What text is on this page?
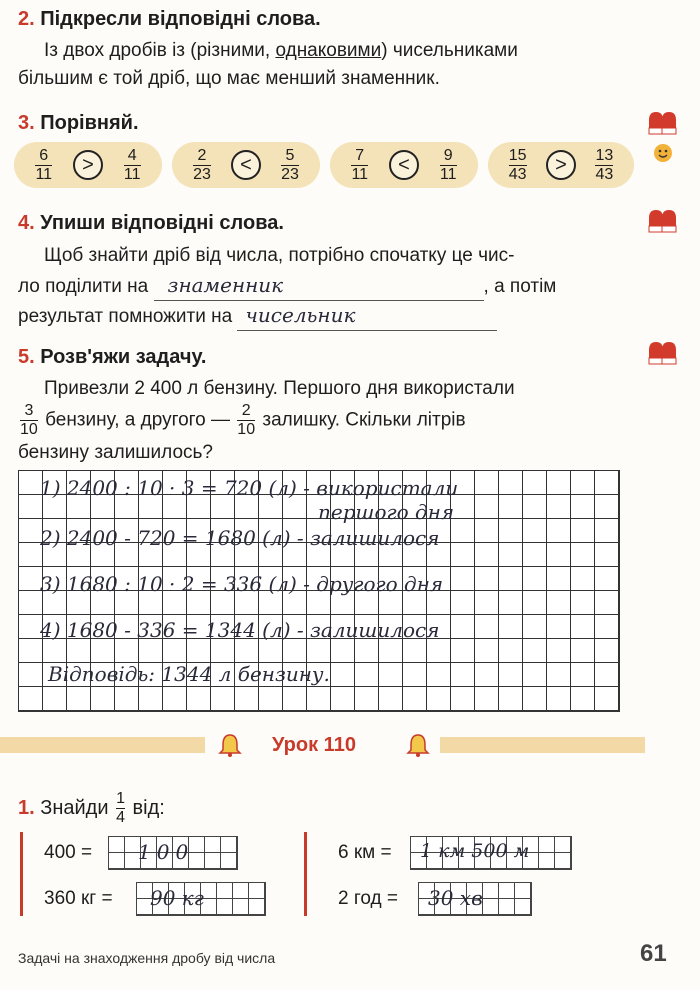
2. Підкресли відповідні слова.
Із двох дробів із (різними, однаковими) чисельниками
більшим є той дріб, що має менший знаменник.
3. Порівняй.
$\frac{6}{11}$	>	$\frac{4}{11}$	$\frac{2}{23}$	<	$\frac{5}{23}$	$\frac{7}{11}$	<	$\frac{9}{11}$	$\frac{15}{43}$	>	$\frac{13}{43}$
4. Упиши відповідні слова.
Щоб знайти дріб від числа, потрібно спочатку це чис-
ло поділити на знаменник	, а потім
результат помножити на чисельник
5. Розв'яжи задачу.
Привезли 2 400 л бензину. Першого дня використали
$\frac{3}{10}$ бензину, а другого — $\frac{2}{10}$ залишку. Скільки літрів
бензину залишилось?
1) 2400 : 10 · 3 = 720 (л) - використали
першого дня
2) 2400 - 720 = 1680 (л) - залишилося
3) 1680 : 10 · 2 = 336 (л) - другого дня
4) 1680 - 336 = 1344 (л) - залишилося
Відповідь: 1344 л бензину.
Урок 110
1. Знайди $\frac{1}{4}$ від:
400 = 100
360 кг = 90 кг
6 км = 1 км 500 м
2 год = 30 хв
Задачі на знаходження дробу від числа	61
